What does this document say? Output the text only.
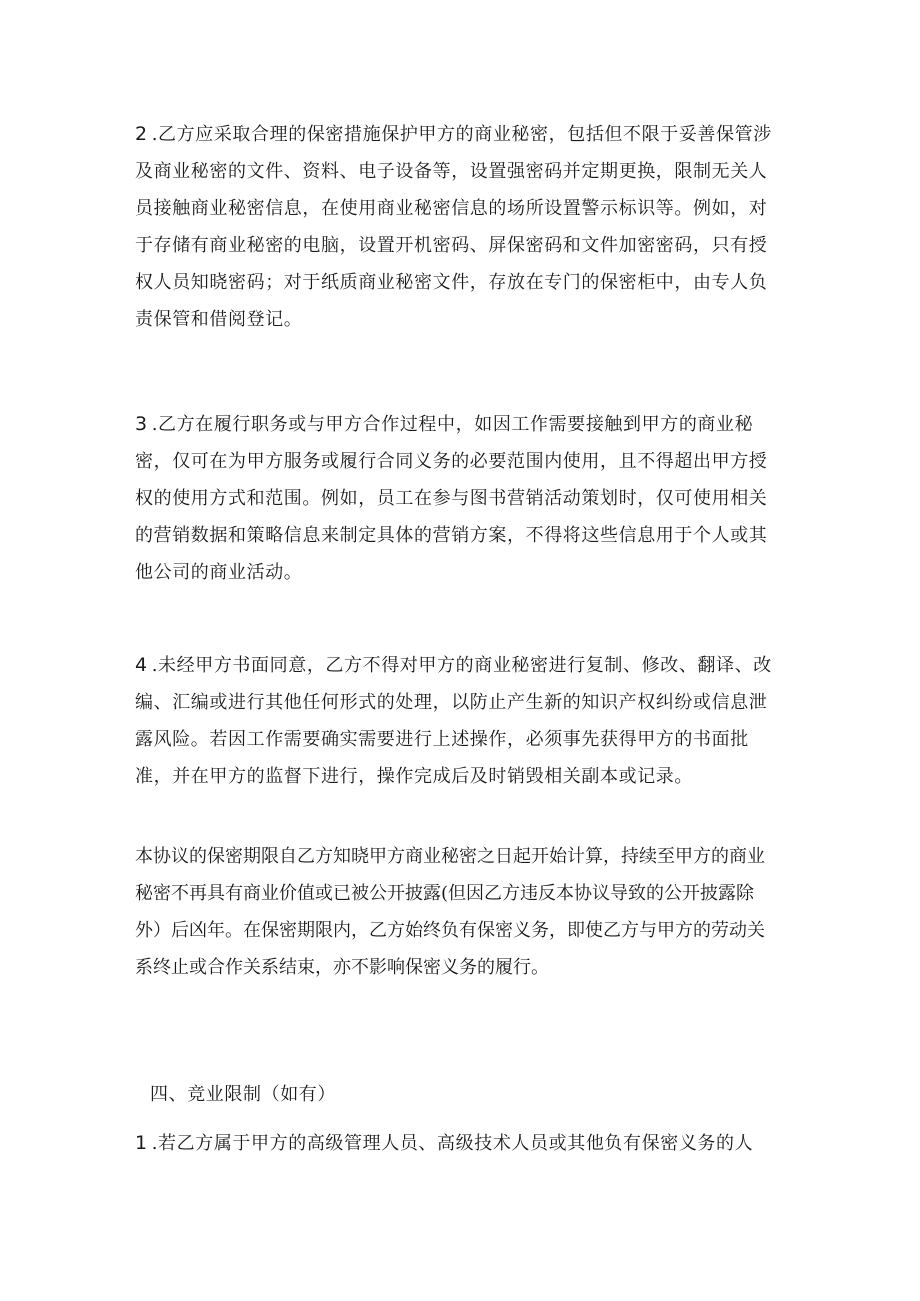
2 .乙方应采取合理的保密措施保护甲方的商业秘密，包括但不限于妥善保管涉
及商业秘密的文件、资料、电子设备等，设置强密码并定期更换，限制无关人
员接触商业秘密信息，在使用商业秘密信息的场所设置警示标识等。例如，对
于存储有商业秘密的电脑，设置开机密码、屏保密码和文件加密密码，只有授
权人员知晓密码；对于纸质商业秘密文件，存放在专门的保密柜中，由专人负
责保管和借阅登记。
3 .乙方在履行职务或与甲方合作过程中，如因工作需要接触到甲方的商业秘
密，仅可在为甲方服务或履行合同义务的必要范围内使用，且不得超出甲方授
权的使用方式和范围。例如，员工在参与图书营销活动策划时，仅可使用相关
的营销数据和策略信息来制定具体的营销方案，不得将这些信息用于个人或其
他公司的商业活动。
4 .未经甲方书面同意，乙方不得对甲方的商业秘密进行复制、修改、翻译、改
编、汇编或进行其他任何形式的处理，以防止产生新的知识产权纠纷或信息泄
露风险。若因工作需要确实需要进行上述操作，必须事先获得甲方的书面批
准，并在甲方的监督下进行，操作完成后及时销毁相关副本或记录。
本协议的保密期限自乙方知晓甲方商业秘密之日起开始计算，持续至甲方的商业
秘密不再具有商业价值或已被公开披露(但因乙方违反本协议导致的公开披露除
外）后凶年。在保密期限内，乙方始终负有保密义务，即使乙方与甲方的劳动关
系终止或合作关系结束，亦不影响保密义务的履行。
四、竞业限制（如有）
1 .若乙方属于甲方的高级管理人员、高级技术人员或其他负有保密义务的人
